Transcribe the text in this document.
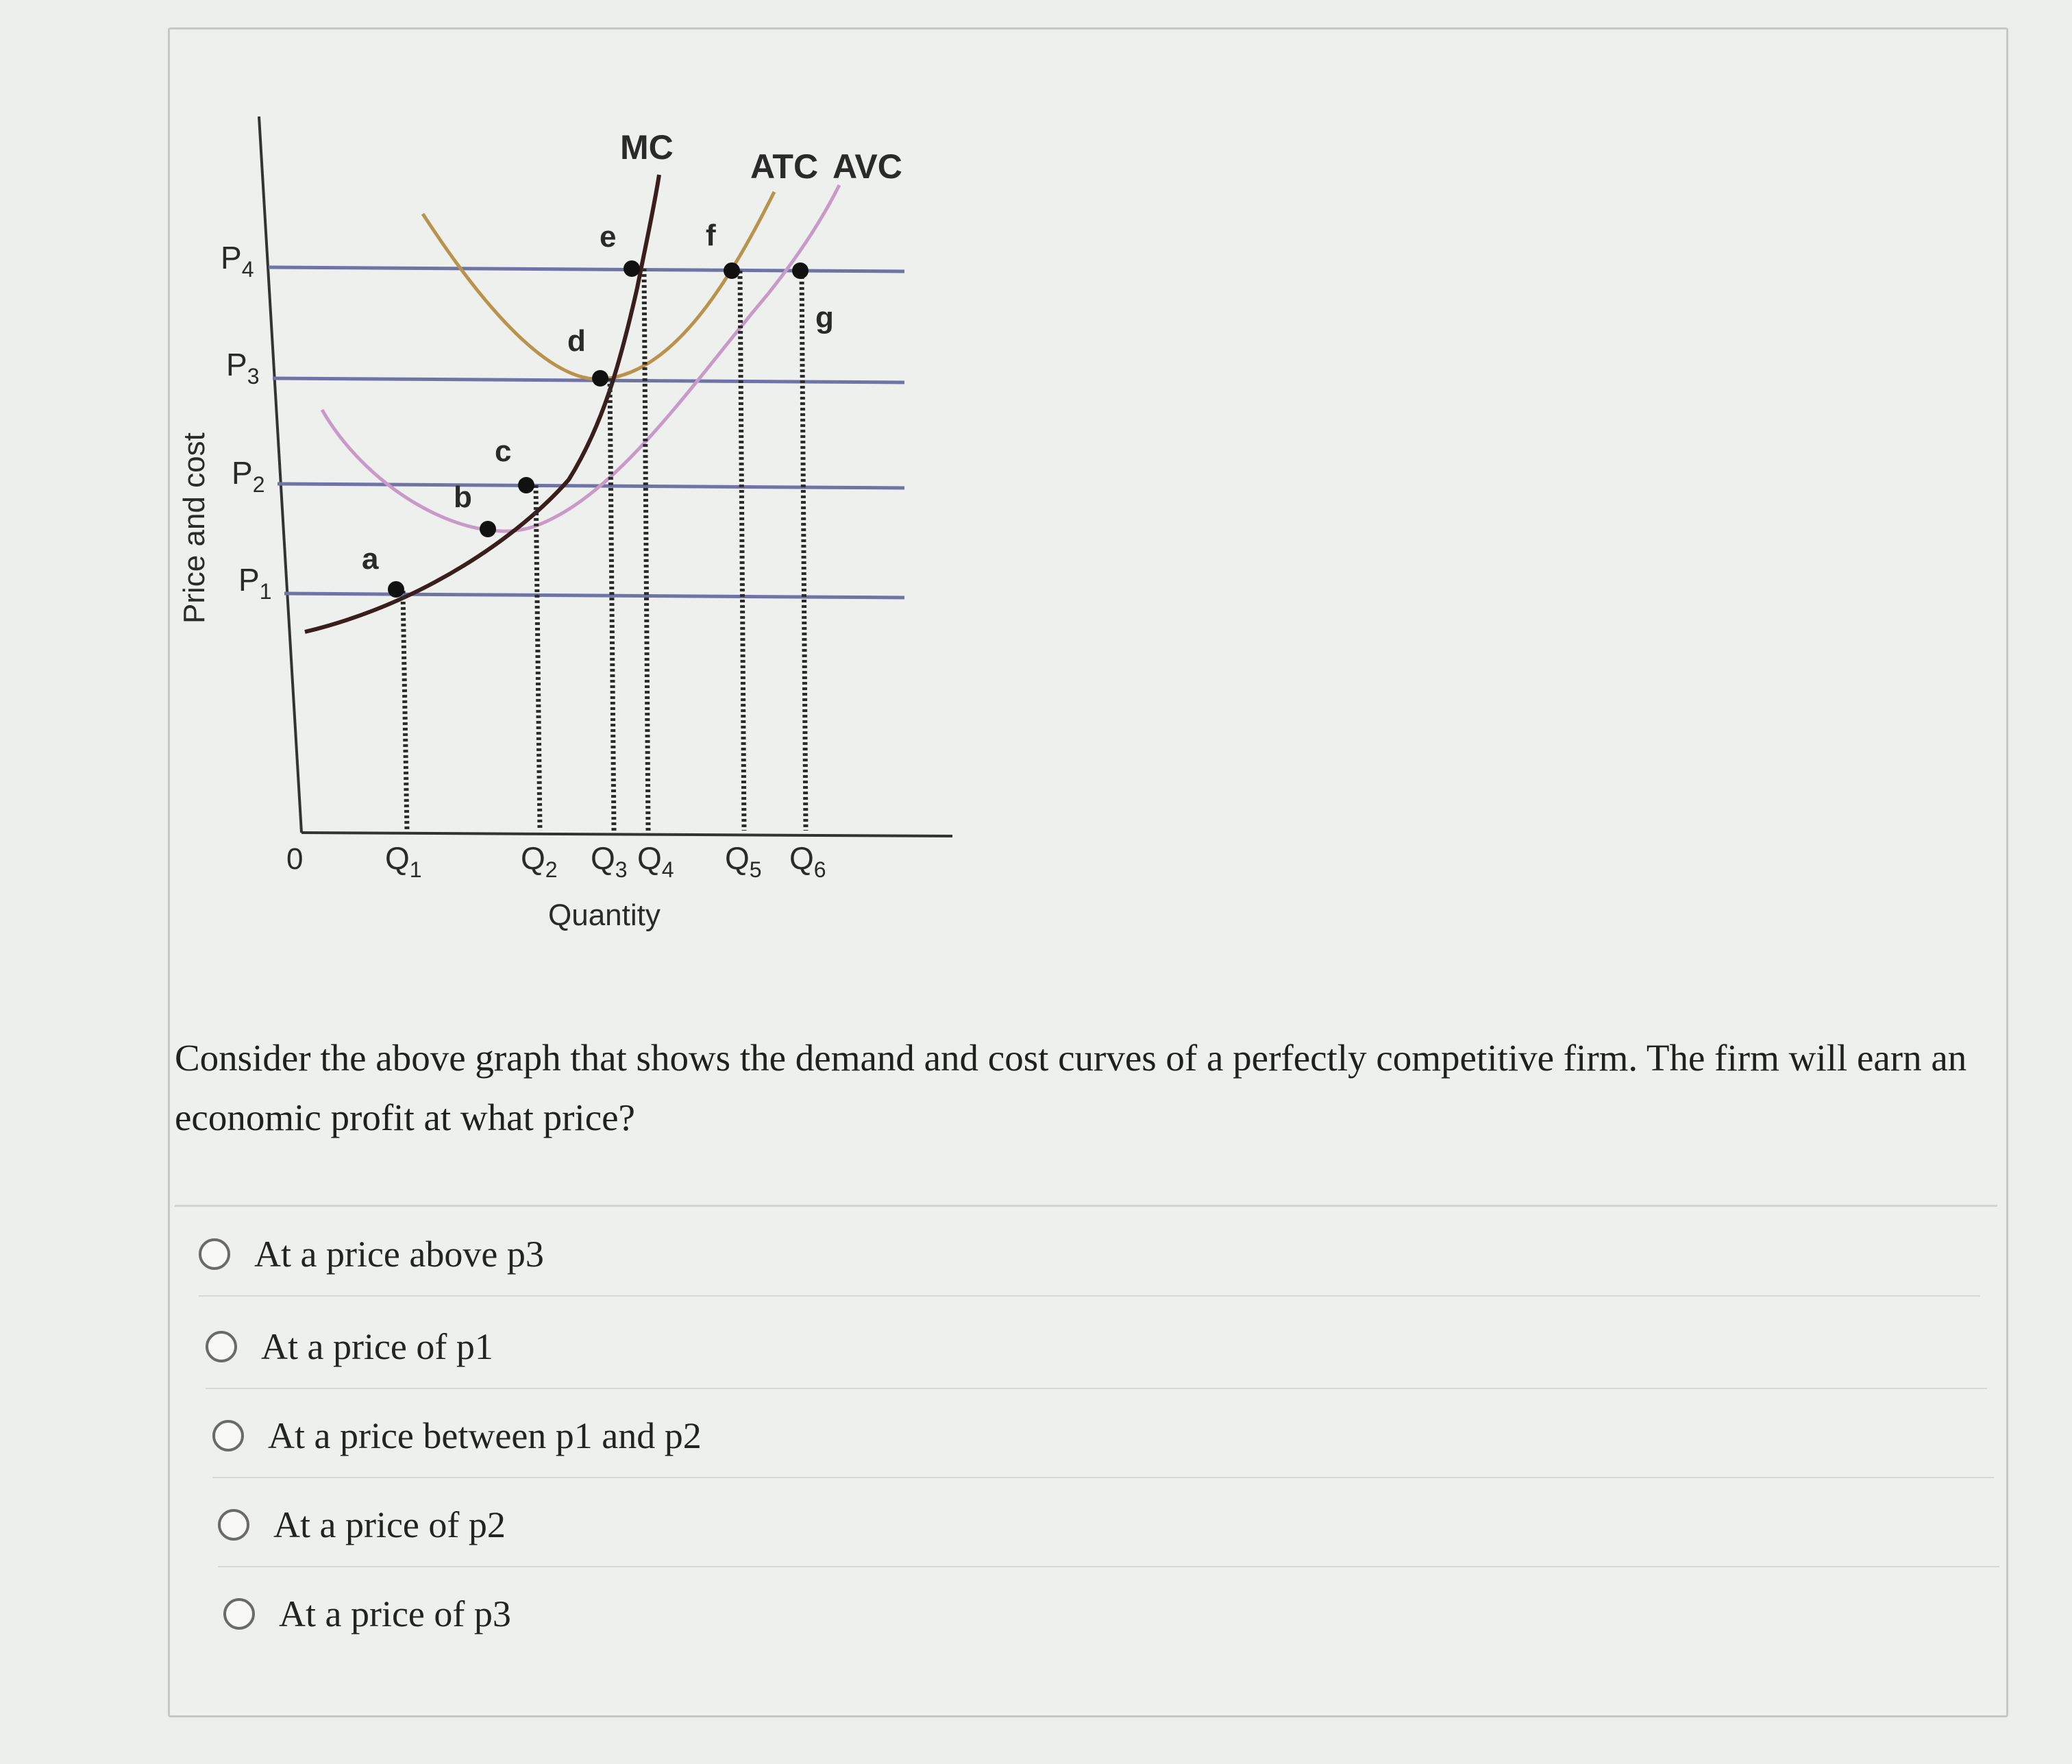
$P_1$
$P_2$
$P_3$
$P_4$
MC ATC AVC
a
b
c
d
e	f
g
0	$Q_1$	$Q_2$ $Q_3$ $Q_4$ $Q_5$ $Q_6$
Quantity
Price and cost
Consider the above graph that shows the demand and cost curves of a perfectly competitive firm. The firm will earn an economic profit at what price?
At a price above p3
At a price of p1
At a price between p1 and p2
At a price of p2
At a price of p3
